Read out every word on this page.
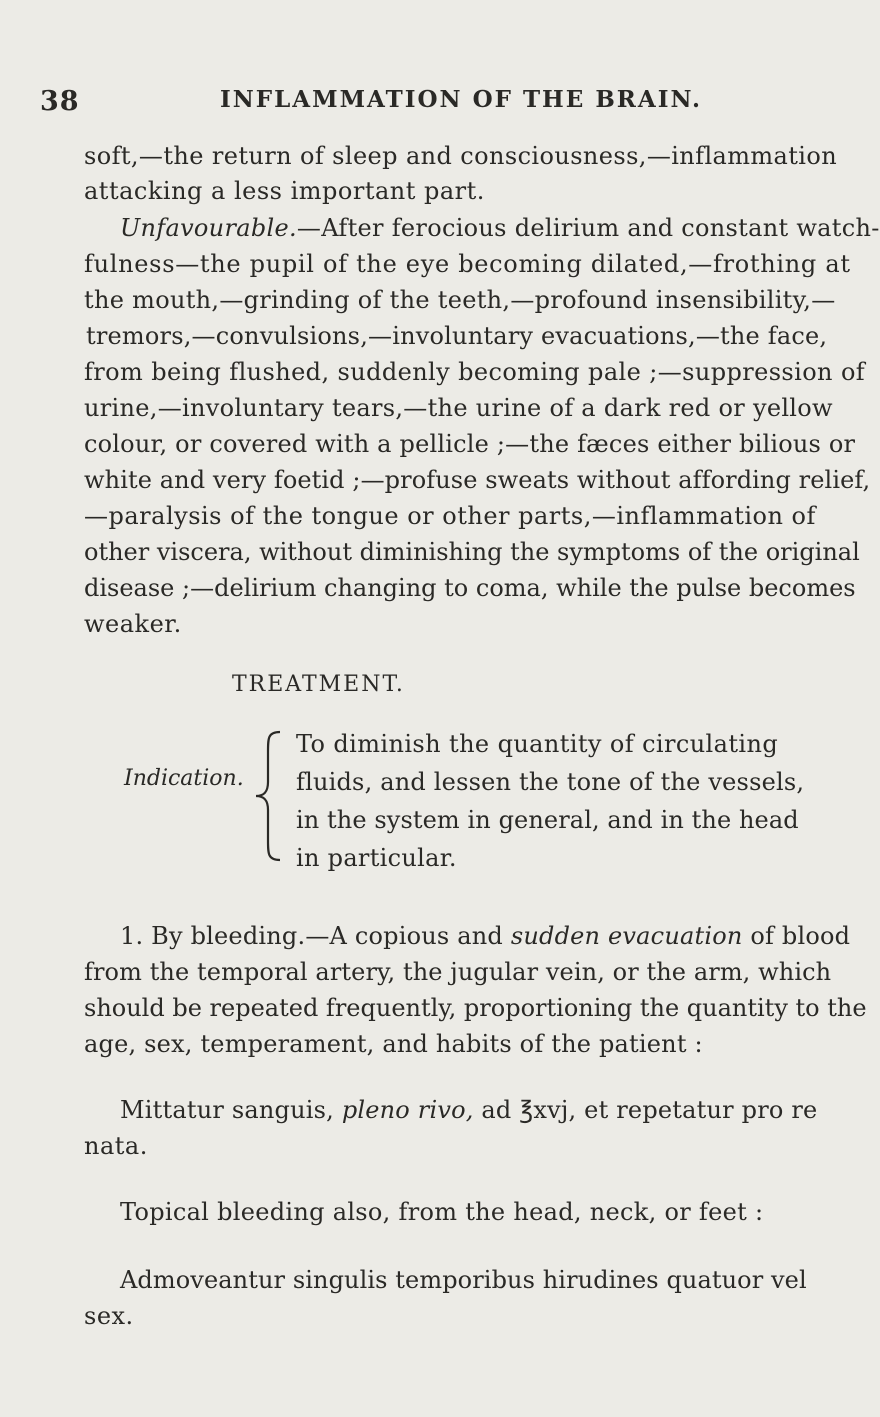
38	INFLAMMATION OF THE BRAIN.
soft,—the return of sleep and consciousness,—inflammation
attacking a less important part.
Unfavourable.—After ferocious delirium and constant watch-
fulness—the pupil of the eye becoming dilated,—frothing at
the mouth,—grinding of the teeth,—profound insensibility,—
tremors,—convulsions,—involuntary evacuations,—the face,
from being flushed, suddenly becoming pale ;—suppression of
urine,—involuntary tears,—the urine of a dark red or yellow
colour, or covered with a pellicle ;—the fæces either bilious or
white and very foetid ;—profuse sweats without affording relief,
—paralysis of the tongue or other parts,—inflammation of
other viscera, without diminishing the symptoms of the original
disease ;—delirium changing to coma, while the pulse becomes
weaker.
TREATMENT.
Indication.
To diminish the quantity of circulating
fluids, and lessen the tone of the vessels,
in the system in general, and in the head
in particular.
1. By bleeding.—A copious and sudden evacuation of blood
from the temporal artery, the jugular vein, or the arm, which
should be repeated frequently, proportioning the quantity to the
age, sex, temperament, and habits of the patient :
Mittatur sanguis, pleno rivo, ad ℥xvj, et repetatur pro re
nata.
Topical bleeding also, from the head, neck, or feet :
Admoveantur singulis temporibus hirudines quatuor vel
sex.
